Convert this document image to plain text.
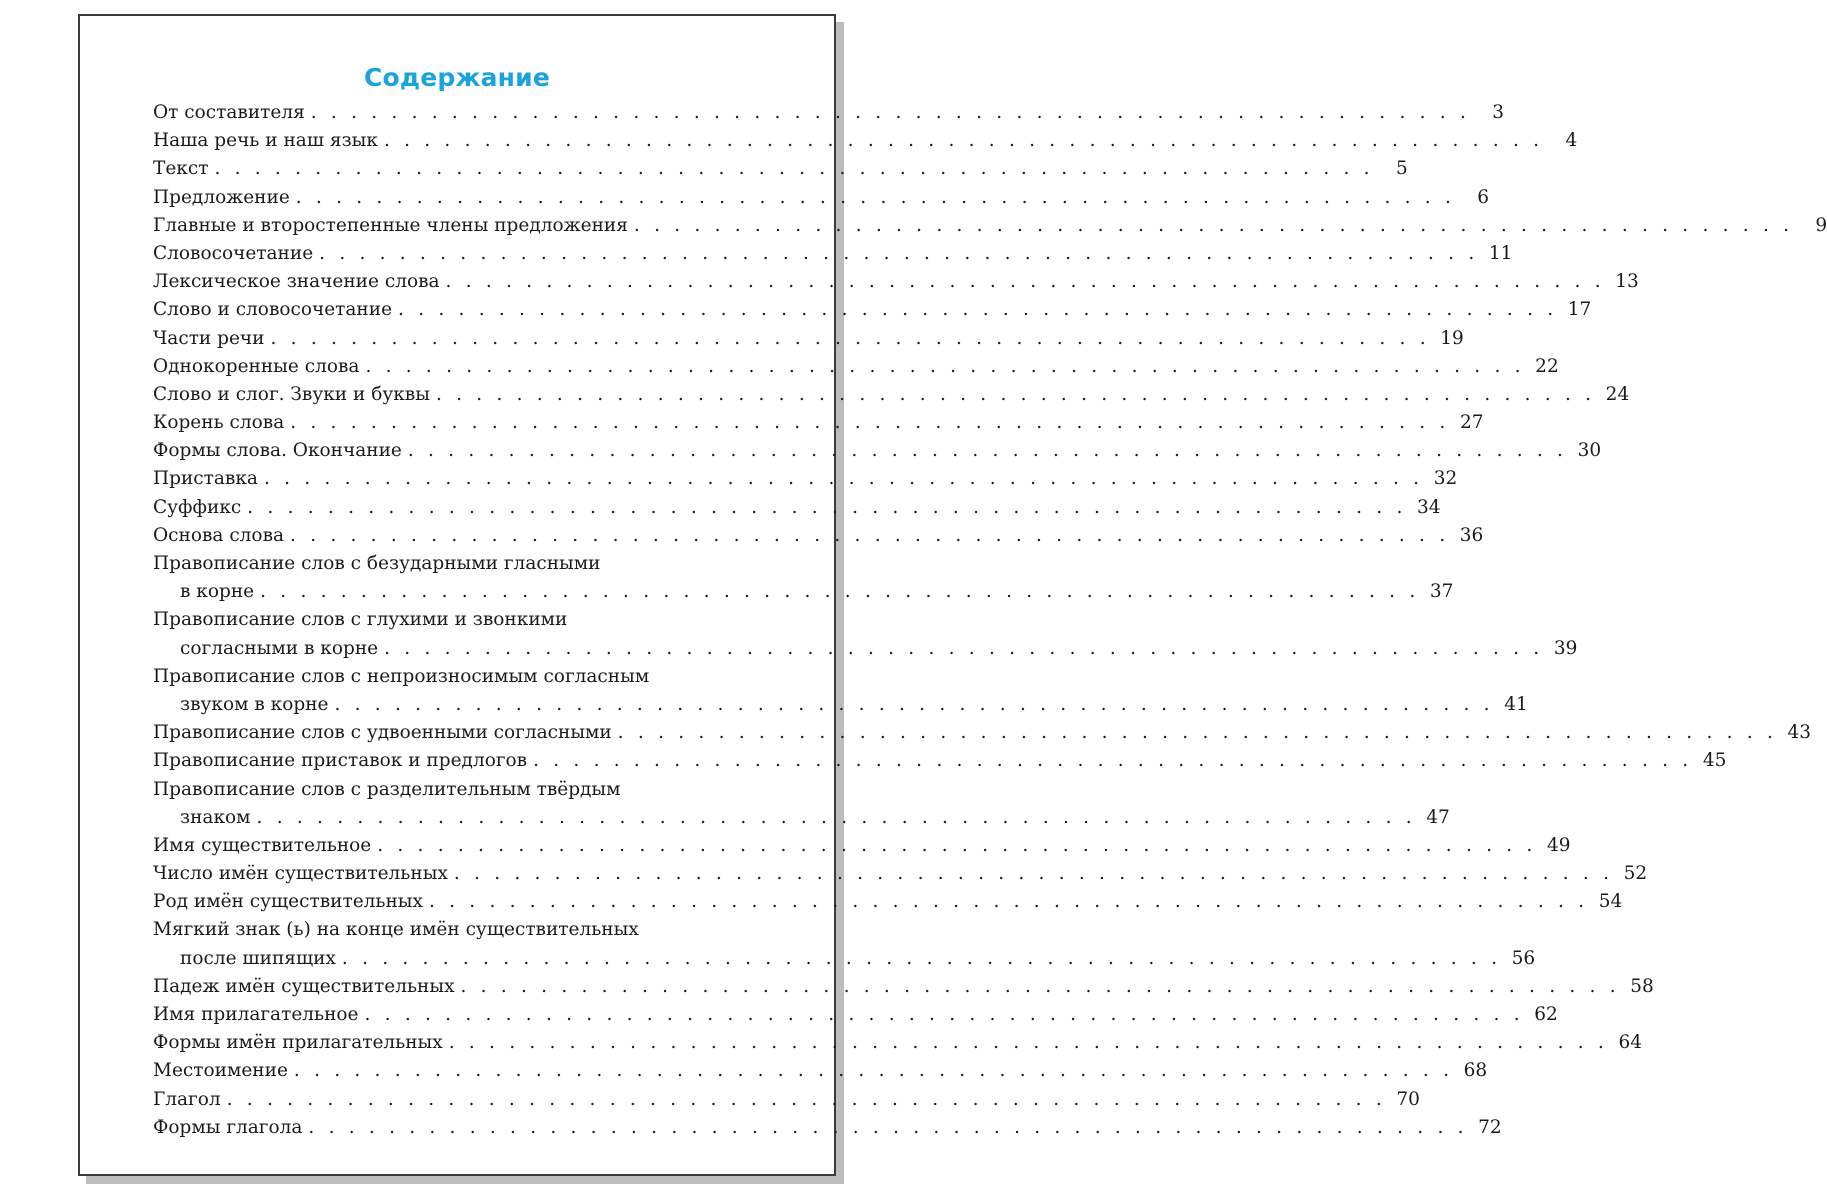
Содержание
От составителя . . . . . . . . . . . . . . . . . . . . . . . . . . . . . . . . . . . . . . . . . . . . . . . . . . . . . . . . . .	3
Наша речь и наш язык . . . . . . . . . . . . . . . . . . . . . . . . . . . . . . . . . . . . . . . . . . . . . . . . . . . . . . . . . .	4
Текст . . . . . . . . . . . . . . . . . . . . . . . . . . . . . . . . . . . . . . . . . . . . . . . . . . . . . . . . . .	5
Предложение . . . . . . . . . . . . . . . . . . . . . . . . . . . . . . . . . . . . . . . . . . . . . . . . . . . . . . . . . .	6
Главные и второстепенные члены предложения . . . . . . . . . . . . . . . . . . . . . . . . . . . . . . . . . . . . . . . . . . . . . . . . . . . . . . . . . .	9
Словосочетание . . . . . . . . . . . . . . . . . . . . . . . . . . . . . . . . . . . . . . . . . . . . . . . . . . . . . . . . . . 11
Лексическое значение слова . . . . . . . . . . . . . . . . . . . . . . . . . . . . . . . . . . . . . . . . . . . . . . . . . . . . . . . . . . 13
Слово и словосочетание . . . . . . . . . . . . . . . . . . . . . . . . . . . . . . . . . . . . . . . . . . . . . . . . . . . . . . . . . . 17
Части речи . . . . . . . . . . . . . . . . . . . . . . . . . . . . . . . . . . . . . . . . . . . . . . . . . . . . . . . . . . 19
Однокоренные слова . . . . . . . . . . . . . . . . . . . . . . . . . . . . . . . . . . . . . . . . . . . . . . . . . . . . . . . . . . 22
Слово и слог. Звуки и буквы . . . . . . . . . . . . . . . . . . . . . . . . . . . . . . . . . . . . . . . . . . . . . . . . . . . . . . . . . . 24
Корень слова . . . . . . . . . . . . . . . . . . . . . . . . . . . . . . . . . . . . . . . . . . . . . . . . . . . . . . . . . . 27
Формы слова. Окончание . . . . . . . . . . . . . . . . . . . . . . . . . . . . . . . . . . . . . . . . . . . . . . . . . . . . . . . . . . 30
Приставка . . . . . . . . . . . . . . . . . . . . . . . . . . . . . . . . . . . . . . . . . . . . . . . . . . . . . . . . . . 32
Суффикс . . . . . . . . . . . . . . . . . . . . . . . . . . . . . . . . . . . . . . . . . . . . . . . . . . . . . . . . . . 34
Основа слова . . . . . . . . . . . . . . . . . . . . . . . . . . . . . . . . . . . . . . . . . . . . . . . . . . . . . . . . . . 36
Правописание слов с безударными гласными
в корне . . . . . . . . . . . . . . . . . . . . . . . . . . . . . . . . . . . . . . . . . . . . . . . . . . . . . . . . . . 37
Правописание слов с глухими и звонкими
согласными в корне . . . . . . . . . . . . . . . . . . . . . . . . . . . . . . . . . . . . . . . . . . . . . . . . . . . . . . . . . . 39
Правописание слов с непроизносимым согласным
звуком в корне . . . . . . . . . . . . . . . . . . . . . . . . . . . . . . . . . . . . . . . . . . . . . . . . . . . . . . . . . . 41
Правописание слов с удвоенными согласными . . . . . . . . . . . . . . . . . . . . . . . . . . . . . . . . . . . . . . . . . . . . . . . . . . . . . . . . . . 43
Правописание приставок и предлогов . . . . . . . . . . . . . . . . . . . . . . . . . . . . . . . . . . . . . . . . . . . . . . . . . . . . . . . . . . 45
Правописание слов с разделительным твёрдым
знаком . . . . . . . . . . . . . . . . . . . . . . . . . . . . . . . . . . . . . . . . . . . . . . . . . . . . . . . . . . 47
Имя существительное . . . . . . . . . . . . . . . . . . . . . . . . . . . . . . . . . . . . . . . . . . . . . . . . . . . . . . . . . . 49
Число имён существительных . . . . . . . . . . . . . . . . . . . . . . . . . . . . . . . . . . . . . . . . . . . . . . . . . . . . . . . . . . 52
Род имён существительных . . . . . . . . . . . . . . . . . . . . . . . . . . . . . . . . . . . . . . . . . . . . . . . . . . . . . . . . . . 54
Мягкий знак (ь) на конце имён существительных
после шипящих . . . . . . . . . . . . . . . . . . . . . . . . . . . . . . . . . . . . . . . . . . . . . . . . . . . . . . . . . . 56
Падеж имён существительных . . . . . . . . . . . . . . . . . . . . . . . . . . . . . . . . . . . . . . . . . . . . . . . . . . . . . . . . . . 58
Имя прилагательное . . . . . . . . . . . . . . . . . . . . . . . . . . . . . . . . . . . . . . . . . . . . . . . . . . . . . . . . . . 62
Формы имён прилагательных . . . . . . . . . . . . . . . . . . . . . . . . . . . . . . . . . . . . . . . . . . . . . . . . . . . . . . . . . . 64
Местоимение . . . . . . . . . . . . . . . . . . . . . . . . . . . . . . . . . . . . . . . . . . . . . . . . . . . . . . . . . . 68
Глагол . . . . . . . . . . . . . . . . . . . . . . . . . . . . . . . . . . . . . . . . . . . . . . . . . . . . . . . . . . 70
Формы глагола . . . . . . . . . . . . . . . . . . . . . . . . . . . . . . . . . . . . . . . . . . . . . . . . . . . . . . . . . . 72
